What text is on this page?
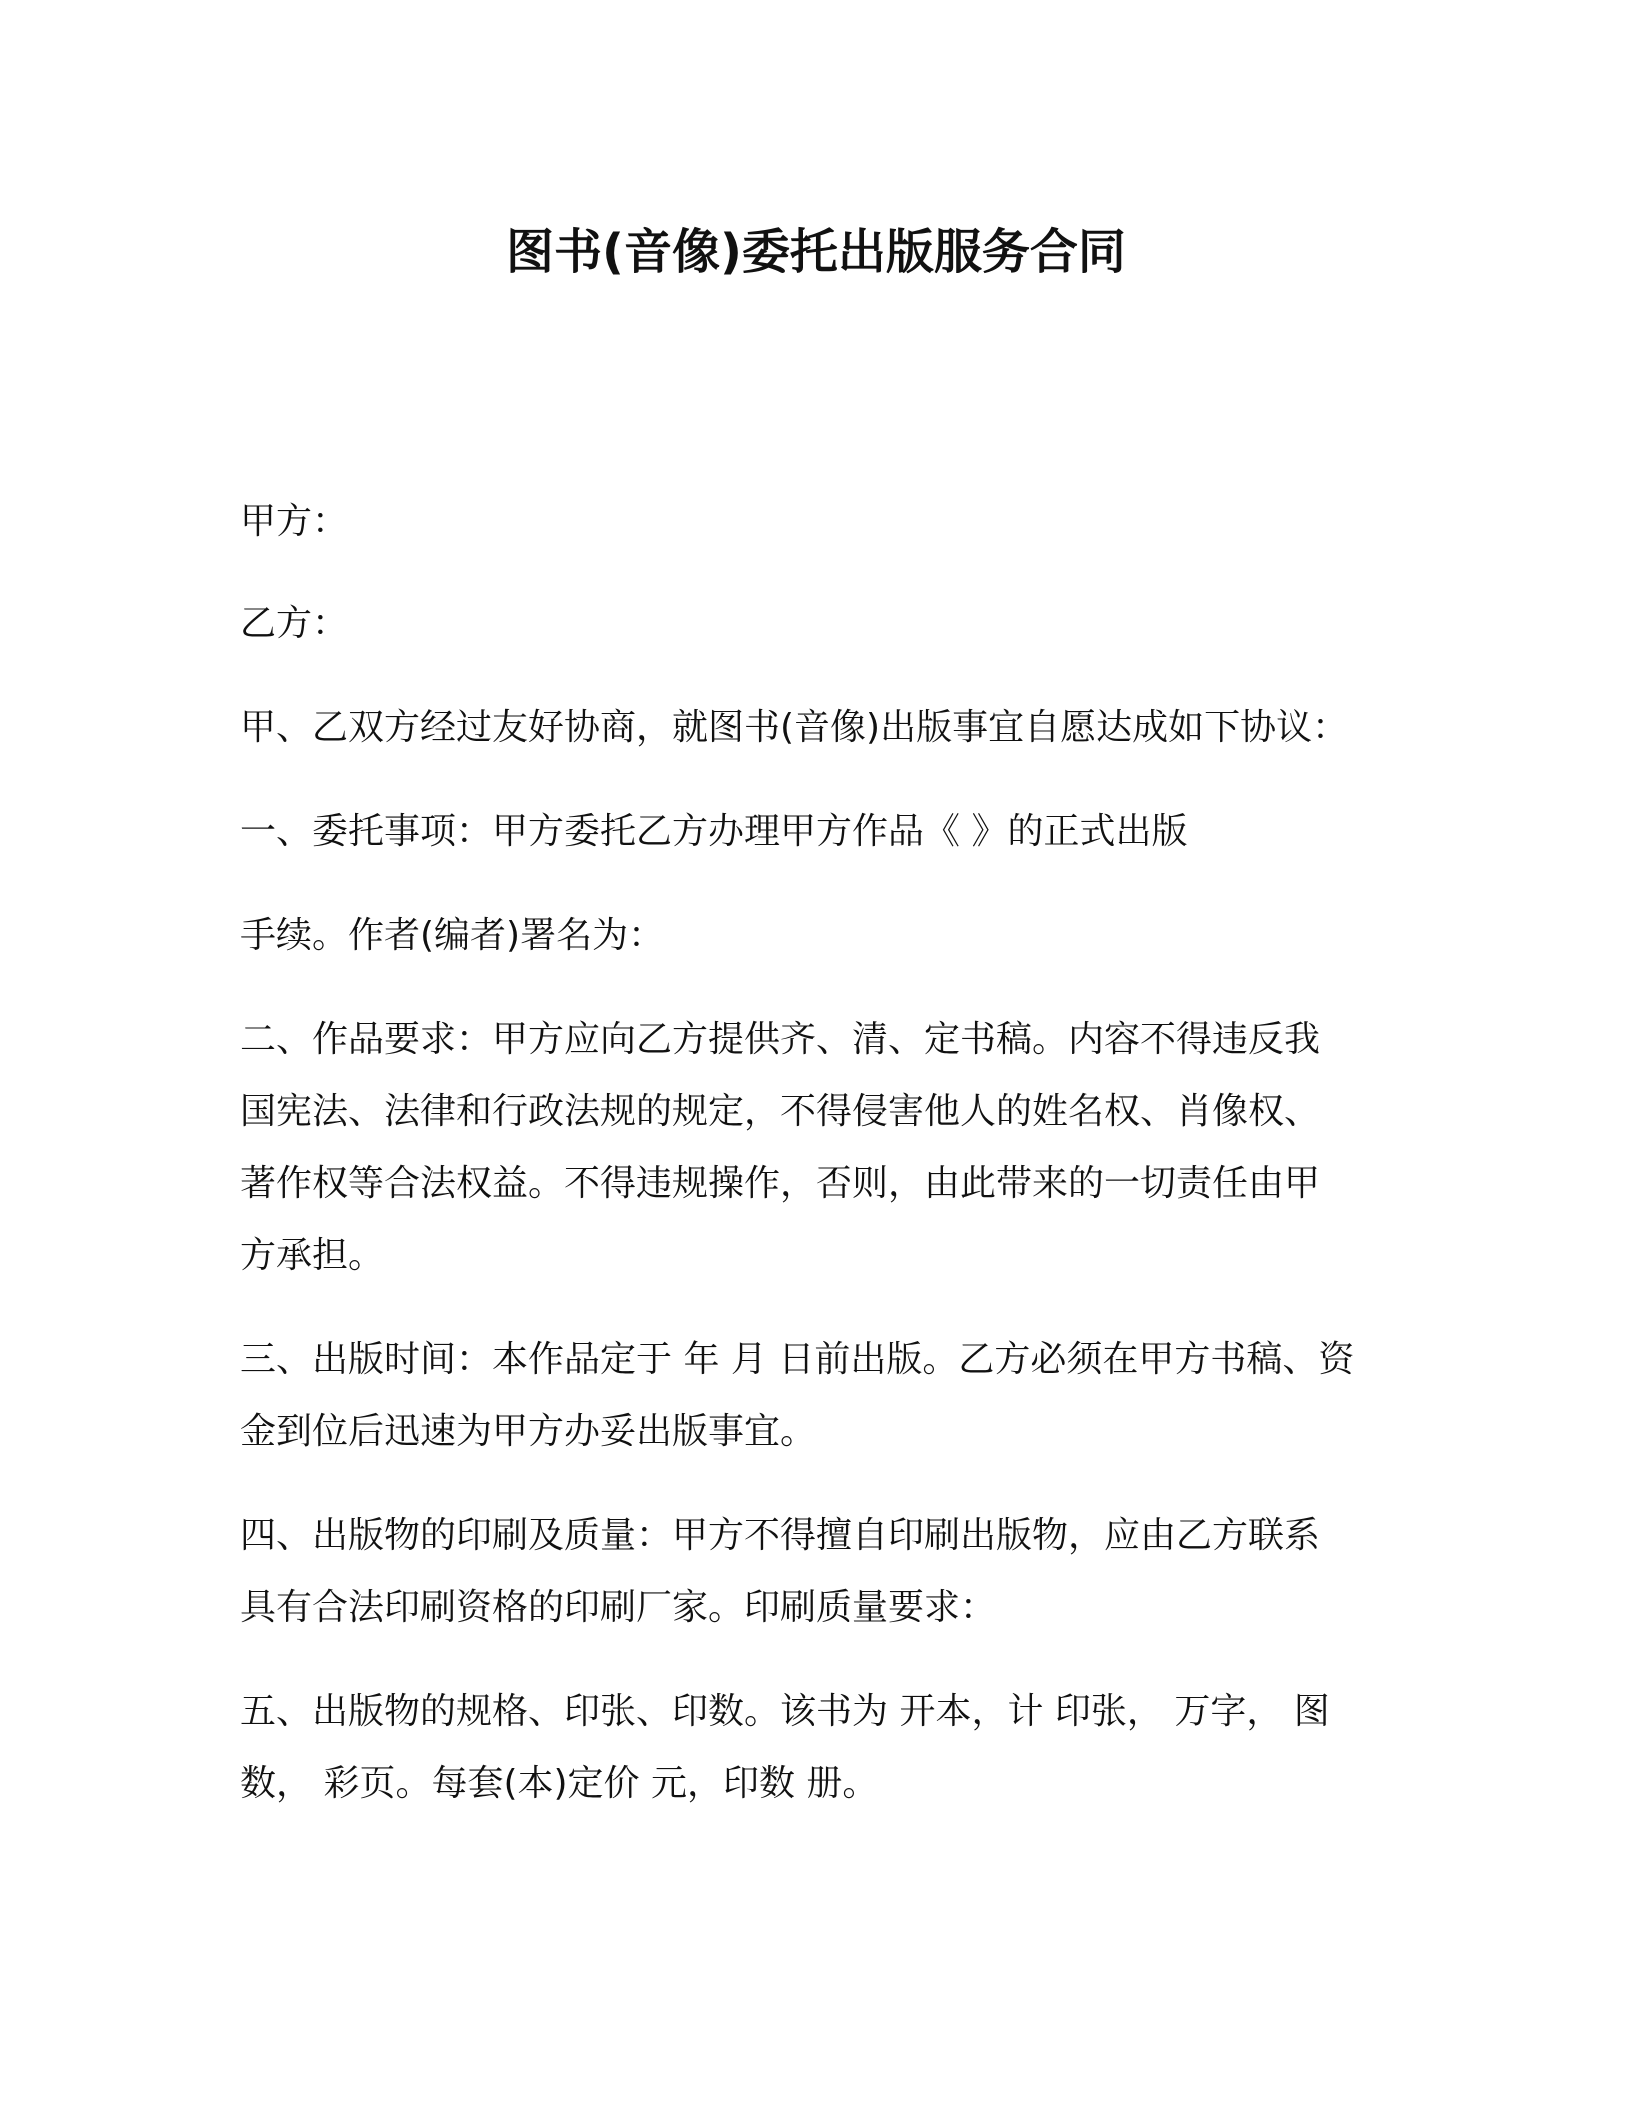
图书(音像)委托出版服务合同
甲方：
乙方：
甲、乙双方经过友好协商，就图书(音像)出版事宜自愿达成如下协议：
一、委托事项：甲方委托乙方办理甲方作品《 》的正式出版
手续。作者(编者)署名为：
二、作品要求：甲方应向乙方提供齐、清、定书稿。内容不得违反我
国宪法、法律和行政法规的规定，不得侵害他人的姓名权、肖像权、
著作权等合法权益。不得违规操作，否则，由此带来的一切责任由甲
方承担。
三、出版时间：本作品定于 年 月 日前出版。乙方必须在甲方书稿、资
金到位后迅速为甲方办妥出版事宜。
四、出版物的印刷及质量：甲方不得擅自印刷出版物，应由乙方联系
具有合法印刷资格的印刷厂家。印刷质量要求：
五、出版物的规格、印张、印数。该书为 开本，计 印张， 万字， 图
数， 彩页。每套(本)定价 元，印数 册。
